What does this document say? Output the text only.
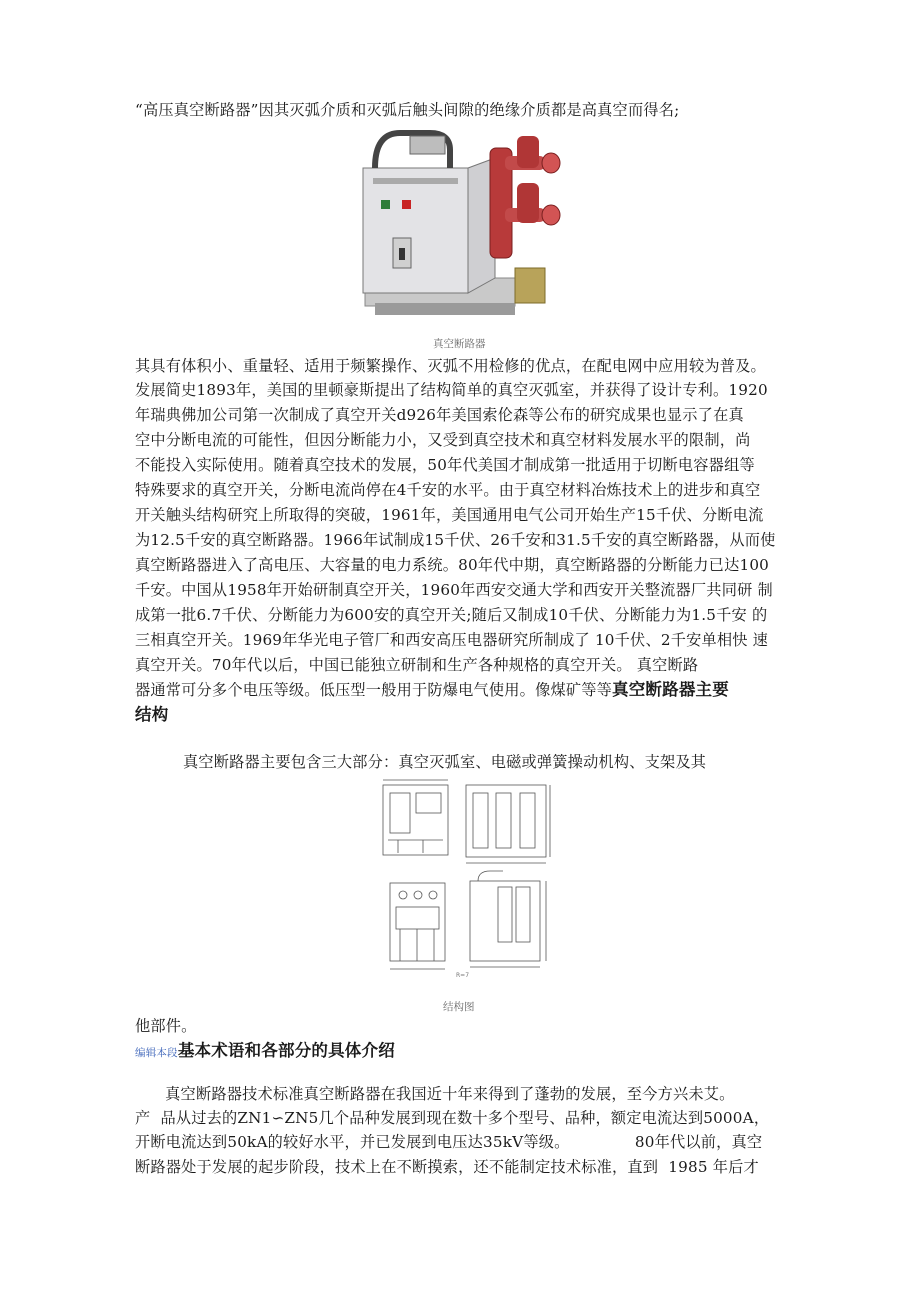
“高压真空断路器”因其灭弧介质和灭弧后触头间隙的绝缘介质都是高真空而得名;
真空断路器
其具有体积小、重量轻、适用于频繁操作、灭弧不用检修的优点，在配电网中应用较为普及。
发展简史1893年，美国的里顿豪斯提出了结构简单的真空灭弧室，并获得了设计专利。1920
年瑞典佛加公司第一次制成了真空开关d926年美国索伦森等公布的研究成果也显示了在真
空中分断电流的可能性，但因分断能力小，又受到真空技术和真空材料发展水平的限制，尚
不能投入实际使用。随着真空技术的发展，50年代美国才制成第一批适用于切断电容器组等
特殊要求的真空开关，分断电流尚停在4千安的水平。由于真空材料冶炼技术上的进步和真空
开关触头结构研究上所取得的突破，1961年，美国通用电气公司开始生产15千伏、分断电流
为12.5千安的真空断路器。1966年试制成15千伏、26千安和31.5千安的真空断路器，从而使
真空断路器进入了高电压、大容量的电力系统。80年代中期，真空断路器的分断能力已达100
千安。中国从1958年开始研制真空开关，1960年西安交通大学和西安开关整流器厂共同研 制
成第一批6.7千伏、分断能力为600安的真空开关;随后又制成10千伏、分断能力为1.5千安 的
三相真空开关。1969年华光电子管厂和西安高压电器研究所制成了 10千伏、2千安单相快 速
真空开关。70年代以后，中国已能独立研制和生产各种规格的真空开关。 真空断路
器通常可分多个电压等级。低压型一般用于防爆电气使用。像煤矿等等真空断路器主要
结构
真空断路器主要包含三大部分：真空灭弧室、电磁或弹簧操动机构、支架及其
R=7
结构图
他部件。
编辑本段基本术语和各部分的具体介绍
真空断路器技术标准真空断路器在我国近十年来得到了蓬勃的发展，至今方兴未艾。
产  品从过去的ZN1∽ZN5几个品种发展到现在数十多个型号、品种，额定电流达到5000A，
开断电流达到50kA的较好水平，并已发展到电压达35kV等级。             80年代以前，真空
断路器处于发展的起步阶段，技术上在不断摸索，还不能制定技术标准，直到  1985 年后才
